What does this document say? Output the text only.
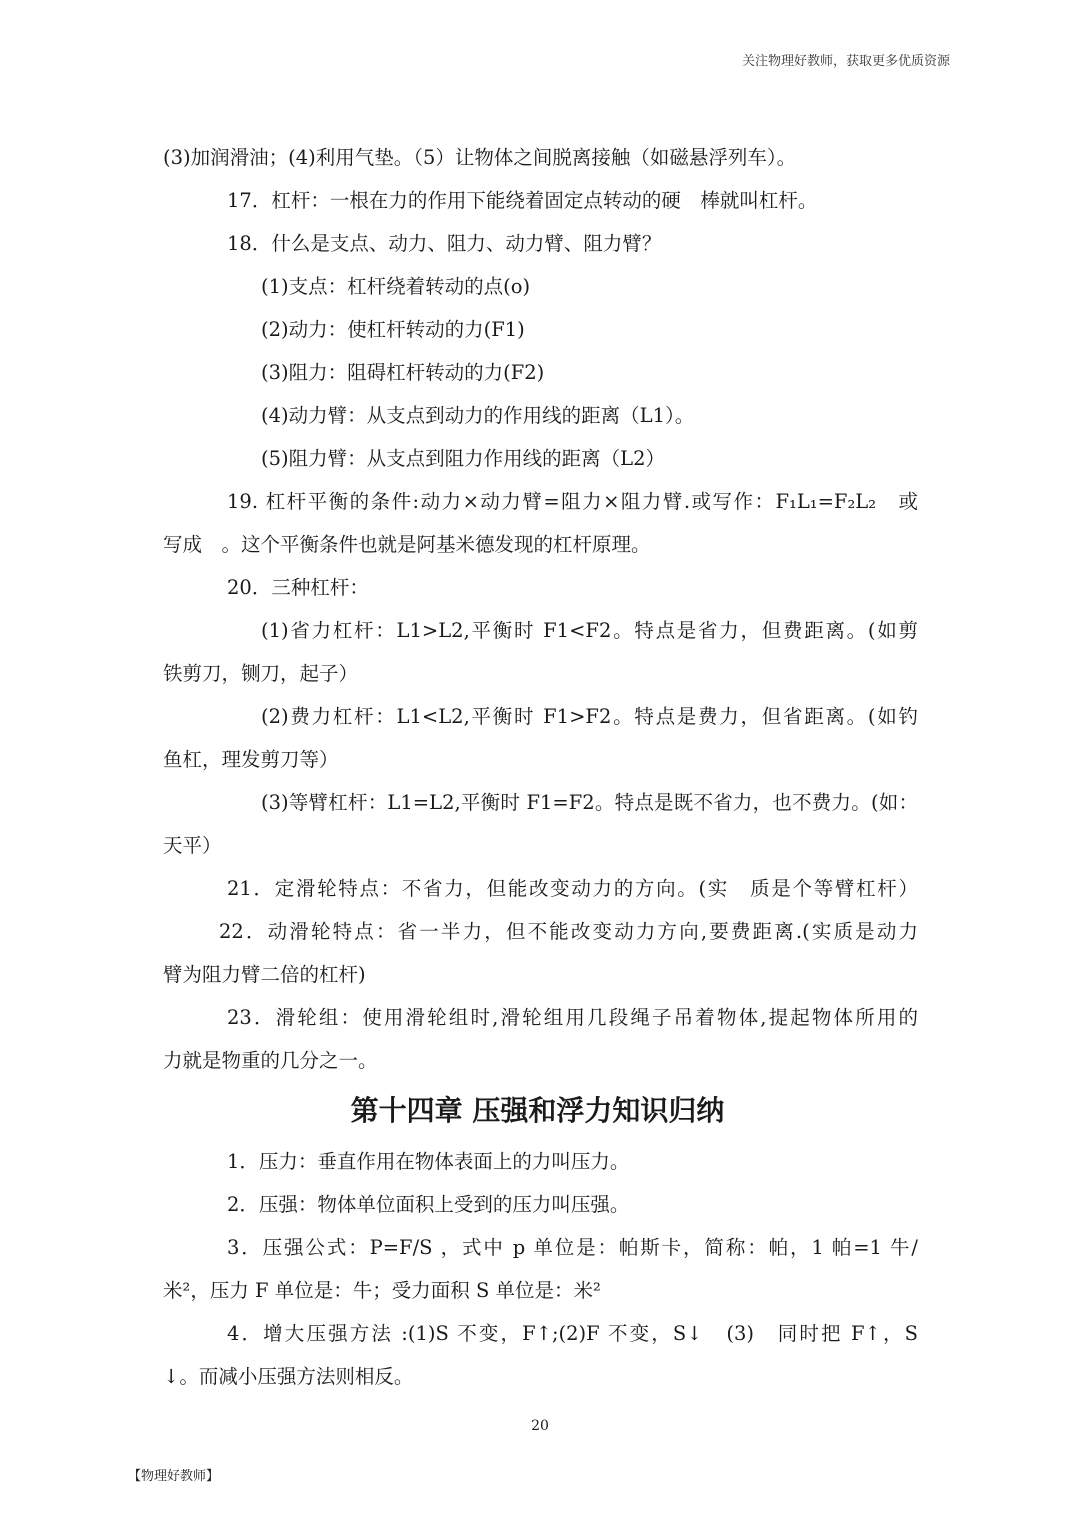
关注物理好教师，获取更多优质资源
(3)加润滑油；(4)利用气垫。（5）让物体之间脱离接触（如磁悬浮列车）。
17．杠杆：一根在力的作用下能绕着固定点转动的硬　棒就叫杠杆。
18．什么是支点、动力、阻力、动力臂、阻力臂？
(1)支点：杠杆绕着转动的点(o)
(2)动力：使杠杆转动的力(F1)
(3)阻力：阻碍杠杆转动的力(F2)
(4)动力臂：从支点到动力的作用线的距离（L1）。
(5)阻力臂：从支点到阻力作用线的距离（L2）
19. 杠杆平衡的条件:动力×动力臂=阻力×阻力臂.或写作：F₁L₁=F₂L₂　或
写成　。这个平衡条件也就是阿基米德发现的杠杆原理。
20．三种杠杆：
(1)省力杠杆：L1>L2,平衡时 F1<F2。特点是省力，但费距离。(如剪
铁剪刀，铡刀，起子）
(2)费力杠杆：L1<L2,平衡时 F1>F2。特点是费力，但省距离。(如钓
鱼杠，理发剪刀等）
(3)等臂杠杆：L1=L2,平衡时 F1=F2。特点是既不省力，也不费力。(如：
天平）
21．定滑轮特点：不省力，但能改变动力的方向。(实　质是个等臂杠杆）
22．动滑轮特点：省一半力，但不能改变动力方向,要费距离.(实质是动力
臂为阻力臂二倍的杠杆)
23．滑轮组：使用滑轮组时,滑轮组用几段绳子吊着物体,提起物体所用的
力就是物重的几分之一。
第十四章 压强和浮力知识归纳
1．压力：垂直作用在物体表面上的力叫压力。
2．压强：物体单位面积上受到的压力叫压强。
3．压强公式：P=F/S ，式中 p 单位是：帕斯卡，简称：帕，1 帕=1 牛/
米²，压力 F 单位是：牛；受力面积 S 单位是：米²
4．增大压强方法 :(1)S 不变，F↑;(2)F 不变，S↓　(3)　同时把 F↑，S
↓。而减小压强方法则相反。
20
【物理好教师】
